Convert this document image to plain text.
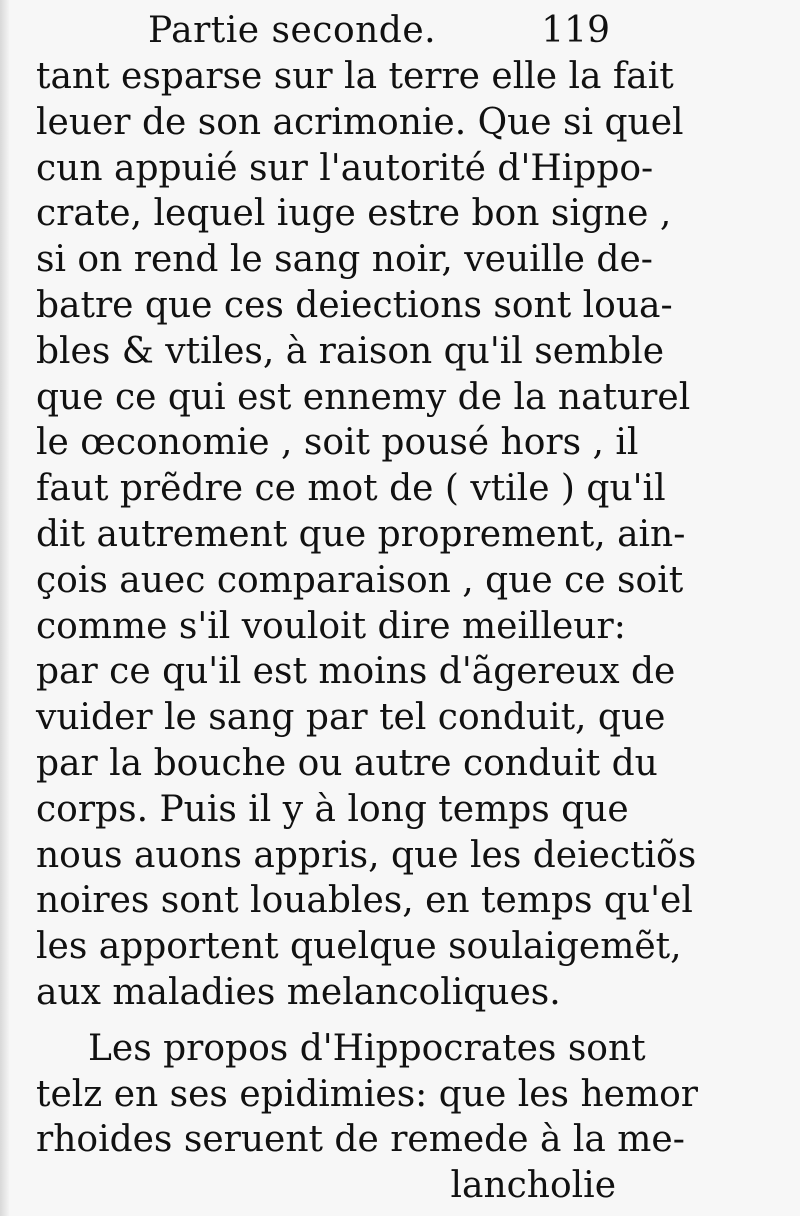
Partie seconde.	119
tant esparse sur la terre elle la fait
leuer de son acrimonie. Que si quel
cun appuié sur l'autorité d'Hippo-
crate, lequel iuge estre bon signe ,
si on rend le sang noir, veuille de-
batre que ces deiections sont loua-
bles & vtiles, à raison qu'il semble
que ce qui est ennemy de la naturel
le œconomie , soit pousé hors , il
faut prẽdre ce mot de ( vtile ) qu'il
dit autrement que proprement, ain-
çois auec comparaison , que ce soit
comme s'il vouloit dire meilleur:
par ce qu'il est moins d'ãgereux de
vuider le sang par tel conduit, que
par la bouche ou autre conduit du
corps. Puis il y à long temps que
nous auons appris, que les deiectiõs
noires sont louables, en temps qu'el
les apportent quelque soulaigemẽt,
aux maladies melancoliques.
Les propos d'Hippocrates sont
telz en ses epidimies: que les hemor
rhoides seruent de remede à la me-
lancholie
